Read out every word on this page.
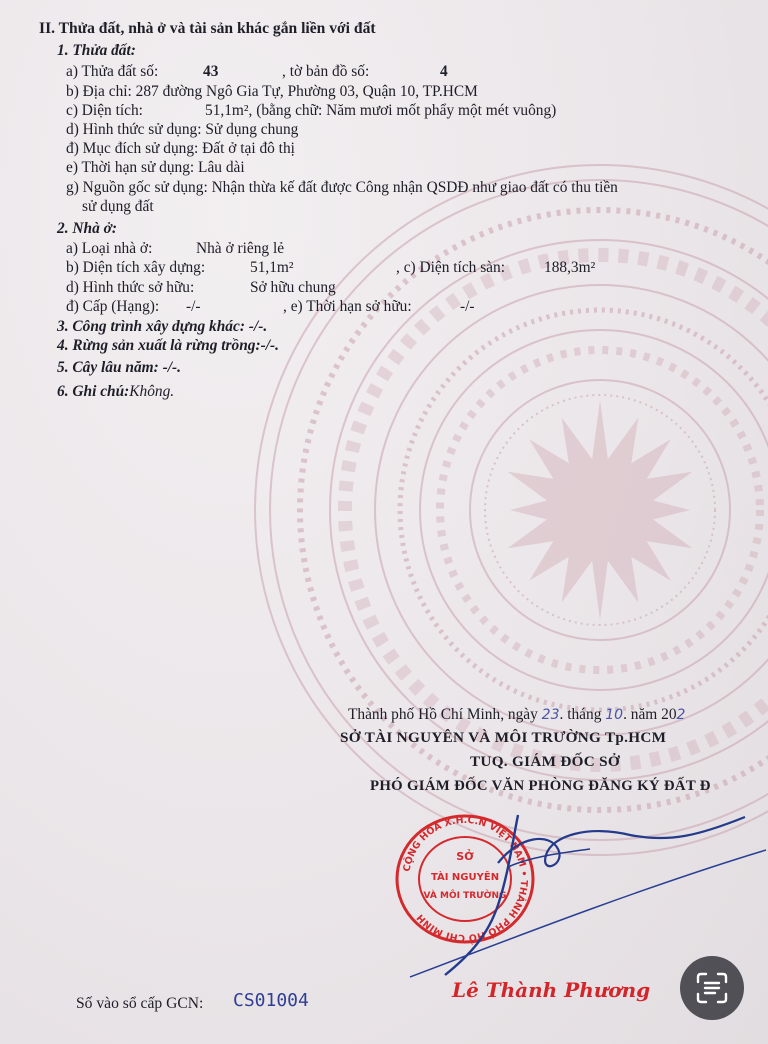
II. Thửa đất, nhà ở và tài sản khác gắn liền với đất
1. Thửa đất:
a) Thửa đất số:	43	, tờ bản đồ số:	4
b) Địa chỉ: 287 đường Ngô Gia Tự, Phường 03, Quận 10, TP.HCM
c) Diện tích:	51,1m², (bằng chữ: Năm mươi mốt phẩy một mét vuông)
d) Hình thức sử dụng: Sử dụng chung
đ) Mục đích sử dụng: Đất ở tại đô thị
e) Thời hạn sử dụng: Lâu dài
g) Nguồn gốc sử dụng: Nhận thừa kế đất được Công nhận QSDĐ như giao đất có thu tiền
sử dụng đất
2. Nhà ở:
a) Loại nhà ở:	Nhà ở riêng lẻ
b) Diện tích xây dựng:	51,1m²	, c) Diện tích sàn:	188,3m²
d) Hình thức sở hữu:	Sở hữu chung
đ) Cấp (Hạng): -/-	, e) Thời hạn sở hữu:	-/-
3. Công trình xây dựng khác: -/-.
4. Rừng sản xuất là rừng trồng:-/-.
5. Cây lâu năm: -/-.
6. Ghi chú:Không.
Thành phố Hồ Chí Minh, ngày 23. tháng 10. năm 202
SỞ TÀI NGUYÊN VÀ MÔI TRƯỜNG Tp.HCM
TUQ. GIÁM ĐỐC SỞ
PHÓ GIÁM ĐỐC VĂN PHÒNG ĐĂNG KÝ ĐẤT Đ
CỘNG HÒA X.H.C.N VIỆT NAM • THÀNH PHỐ HỒ CHÍ MINH
SỞ
TÀI NGUYÊN
VÀ MÔI TRƯỜNG
Lê Thành Phương
Số vào sổ cấp GCN: CS01004
